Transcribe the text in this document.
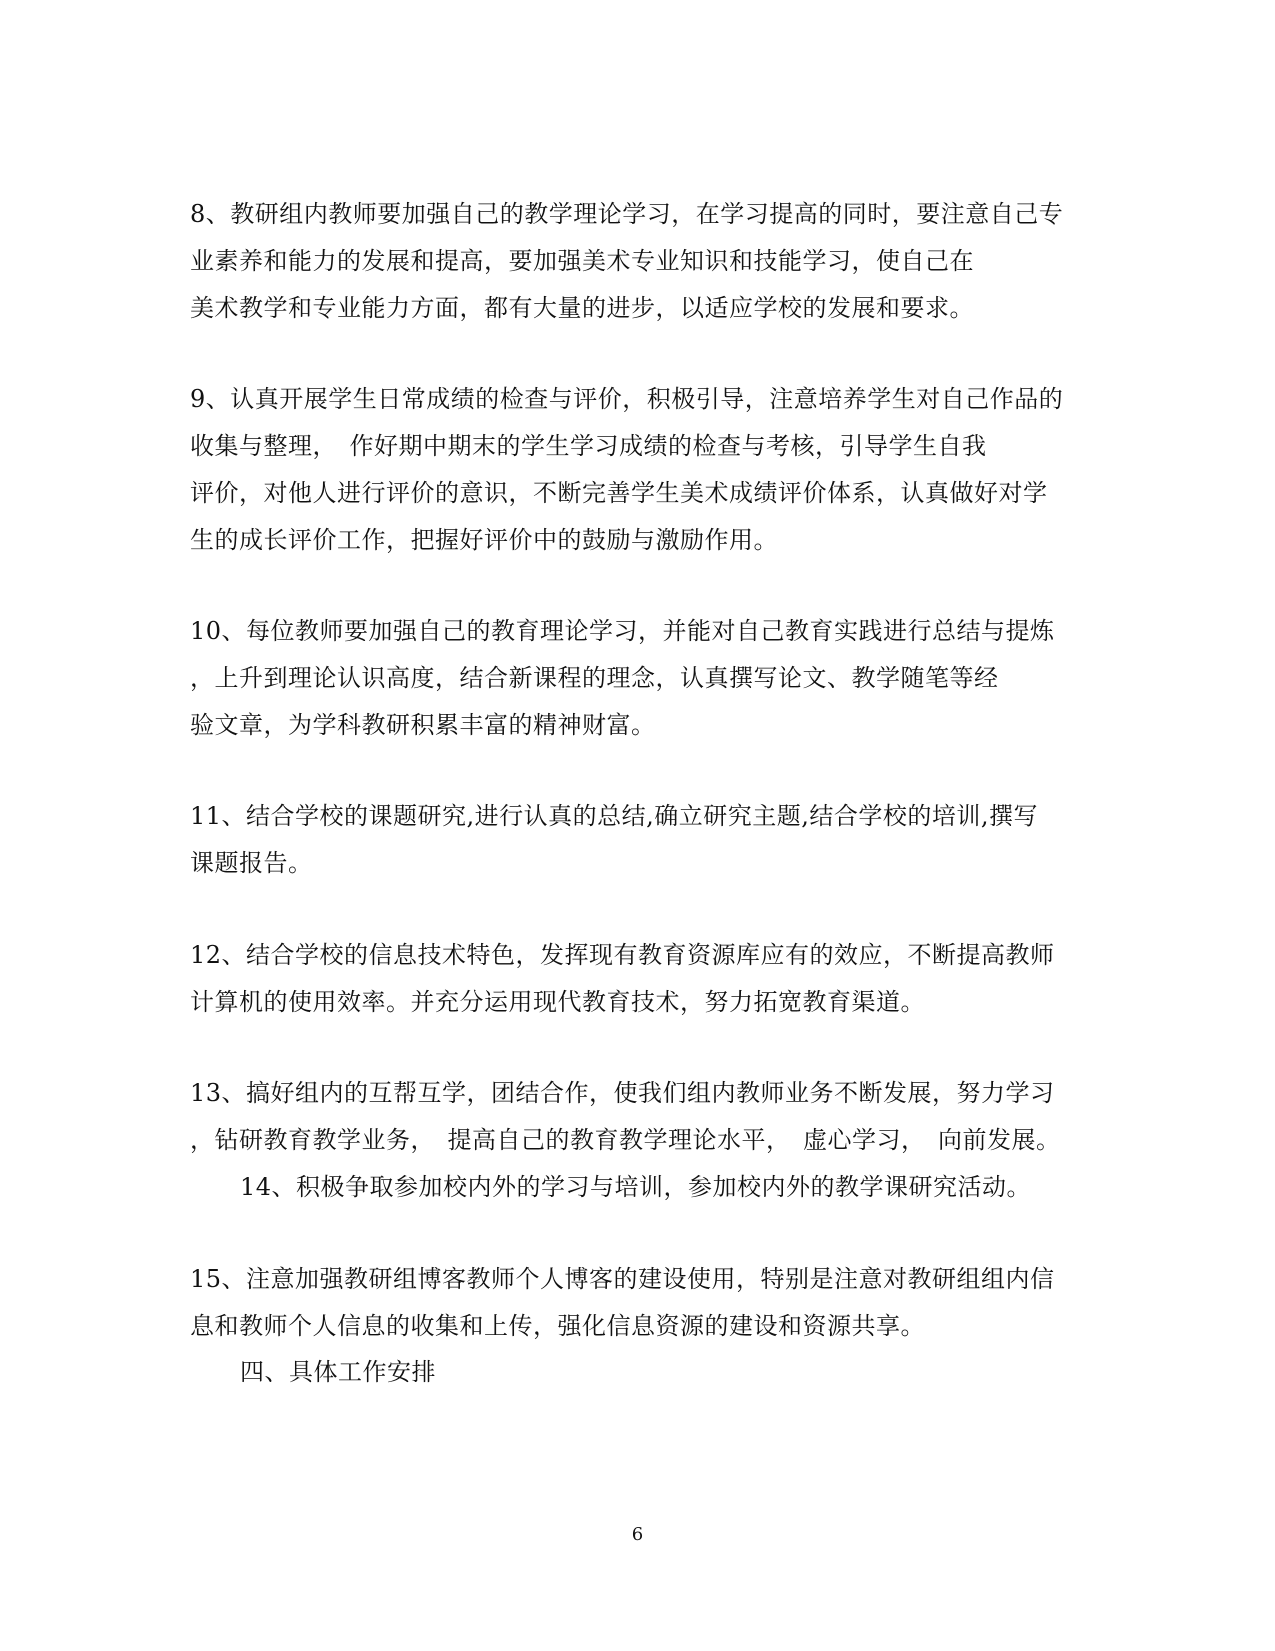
8、教研组内教师要加强自己的教学理论学习，在学习提高的同时，要注意自己专
业素养和能力的发展和提高，要加强美术专业知识和技能学习，使自己在
美术教学和专业能力方面，都有大量的进步，以适应学校的发展和要求。
9、认真开展学生日常成绩的检查与评价，积极引导，注意培养学生对自己作品的
收集与整理，　作好期中期末的学生学习成绩的检查与考核，引导学生自我
评价，对他人进行评价的意识，不断完善学生美术成绩评价体系，认真做好对学
生的成长评价工作，把握好评价中的鼓励与激励作用。
10、每位教师要加强自己的教育理论学习，并能对自己教育实践进行总结与提炼
，上升到理论认识高度，结合新课程的理念，认真撰写论文、教学随笔等经
验文章，为学科教研积累丰富的精神财富。
11、结合学校的课题研究,进行认真的总结,确立研究主题,结合学校的培训,撰写
课题报告。
12、结合学校的信息技术特色，发挥现有教育资源库应有的效应，不断提高教师
计算机的使用效率。并充分运用现代教育技术，努力拓宽教育渠道。
13、搞好组内的互帮互学，团结合作，使我们组内教师业务不断发展，努力学习
，钻研教育教学业务，　提高自己的教育教学理论水平，　虚心学习，　向前发展。
14、积极争取参加校内外的学习与培训，参加校内外的教学课研究活动。
15、注意加强教研组博客教师个人博客的建设使用，特别是注意对教研组组内信
息和教师个人信息的收集和上传，强化信息资源的建设和资源共享。
四、具体工作安排
6
